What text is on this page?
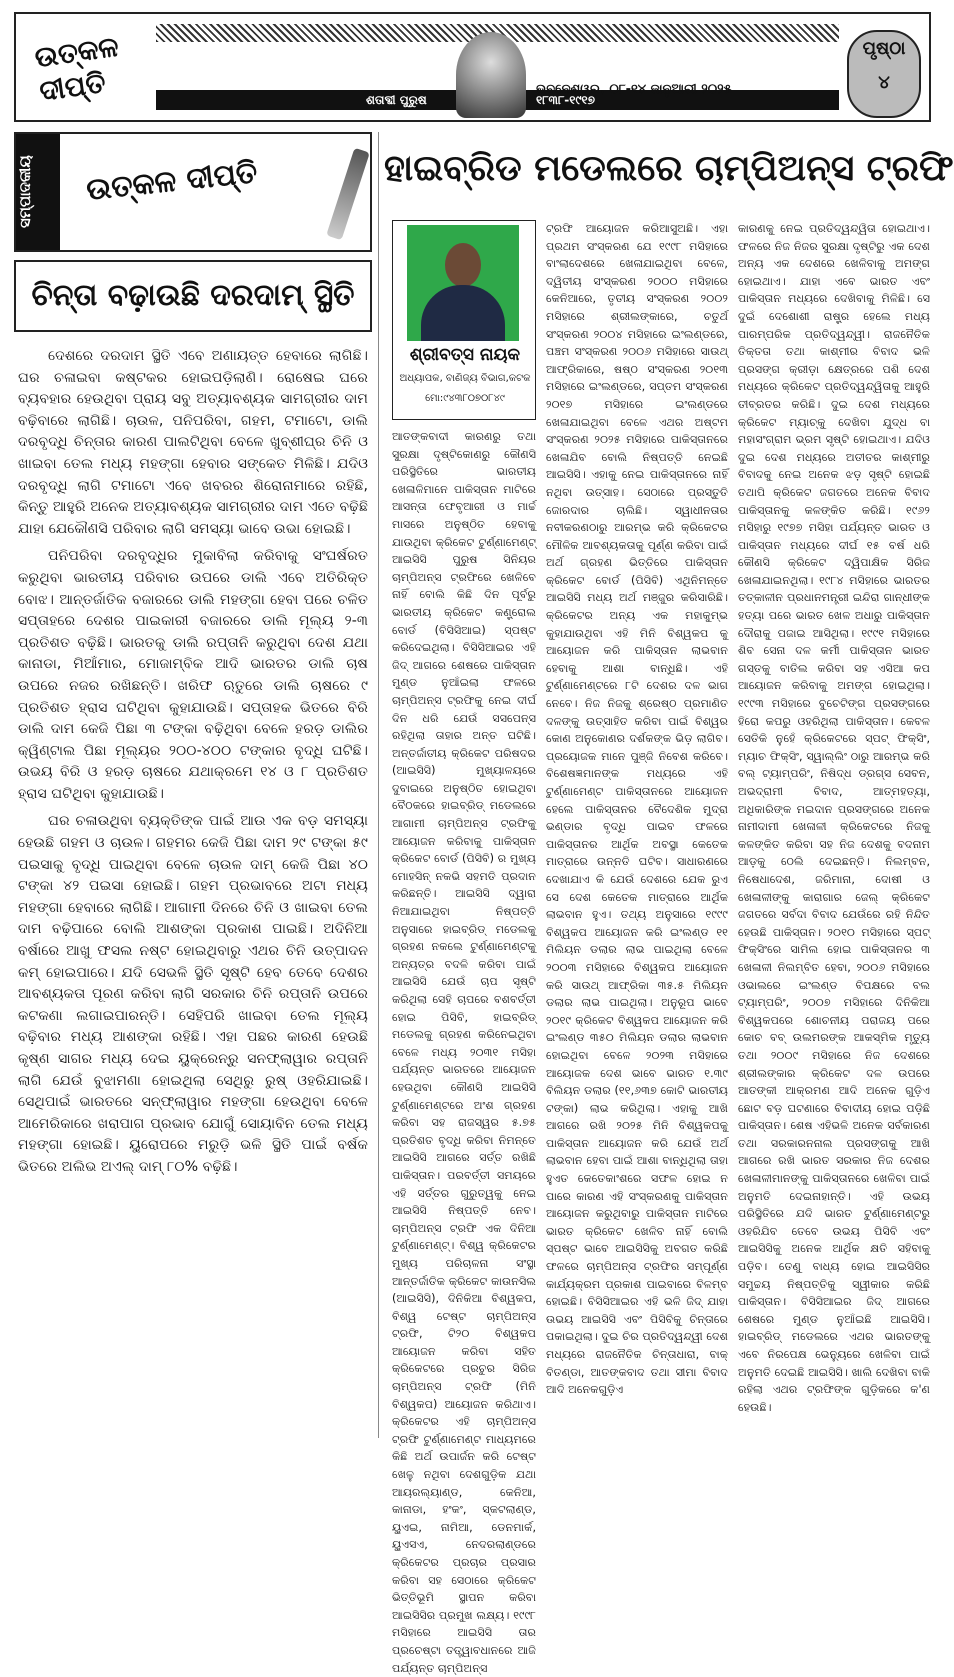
ଉତ୍କଳ ଦୀପ୍ତି	ଭୁବନେଶ୍ୱର, ୦୮-୧୪ ଜାନୁଆରୀ ୨୦୨୫
ଶତାବ୍ଦୀ ପୁରୁଷ	୧୮୩୮-୧୯୧୭
ପୃଷ୍ଠା
୪
ସମ୍ପାଦକୀୟ	ଉତ୍କଳ ଦୀପ୍ତି
ଚିନ୍ତା ବଢ଼ାଉଛି ଦରଦାମ୍ ସ୍ଥିତି

ଦେଶରେ ଦରଦାମ ସ୍ଥିତି ଏବେ ଅଣାୟତ୍ତ ହେବାରେ ଲାଗିଛି। ଘର ଚଳାଇବା କଷ୍ଟକର ହୋଇପଡ଼ିଲାଣି। ରୋଷେଇ ଘରେ ବ୍ୟବହାର ହେଉଥିବା ପ୍ରାୟ ସବୁ ଅତ୍ୟାବଶ୍ୟକ ସାମଗ୍ରୀର ଦାମ ବଢ଼ିବାରେ ଲାଗିଛି। ଚାଉଳ, ପନିପରିବା, ଗହମ, ଟମାଟୋ, ଡାଲି ଦରବୃଦ୍ଧି ଚିନ୍ତାର କାରଣ ପାଲଟିଥିବା ବେଳେ ଖୁବ୍‌ଶୀଘ୍ର ଚିନି ଓ ଖାଇବା ତେଲ ମଧ୍ୟ ମହଙ୍ଗା ହେବାର ସଙ୍କେତ ମିଳିଛି। ଯଦିଓ ଦରବୃଦ୍ଧି ଲାଗି ଟମାଟୋ ଏବେ ଖବରର ଶିରୋନାମାରେ ରହିଛି, କିନ୍ତୁ ଆହୁରି ଅନେକ ଅତ୍ୟାବଶ୍ୟକ ସାମଗ୍ରୀର ଦାମ ଏତେ ବଢ଼ିଛି ଯାହା ଯେକୌଣସି ପରିବାର ଲାଗି ସମସ୍ୟା ଭାବେ ଉଭା ହୋଇଛି।

ପନିପରିବା ଦରବୃଦ୍ଧିର ମୁକାବିଲା କରିବାକୁ ସଂଘର୍ଷରତ କରୁଥିବା ଭାରତୀୟ ପରିବାର ଉପରେ ଡାଲି ଏବେ ଅତିରିକ୍ତ ବୋଝ। ଆନ୍ତର୍ଜାତିକ ବଜାରରେ ଡାଲି ମହଙ୍ଗା ହେବା ପରେ ଚଳିତ ସପ୍ତାହରେ ଦେଶର ପାଇକାରୀ ବଜାରରେ ଡାଲି ମୂଲ୍ୟ ୨-୩ ପ୍ରତିଶତ ବଢ଼ିଛି। ଭାରତକୁ ଡାଲି ରପ୍ତାନି କରୁଥିବା ଦେଶ ଯଥା କାନାଡା, ମିଆଁମାର, ମୋଜାମ୍ବିକ ଆଦି ଭାରତର ଡାଲି ଚାଷ ଉପରେ ନଜର ରଖିଛନ୍ତି। ଖରିଫ ଋତୁରେ ଡାଲି ଚାଷରେ ୯ ପ୍ରତିଶତ ହ୍ରାସ ଘଟିଥିବା କୁହାଯାଉଛି। ସପ୍ତାହକ ଭିତରେ ବିରି ଡାଲି ଦାମ କେଜି ପିଛା ୩ ଟଙ୍କା ବଢ଼ିଥିବା ବେଳେ ହରଡ଼ ଡାଲିର କ୍ୱିଣ୍ଟାଲ ପିଛା ମୂଲ୍ୟର ୨୦୦-୪୦୦ ଟଙ୍କାର ବୃଦ୍ଧି ଘଟିଛି। ଉଭୟ ବିରି ଓ ହରଡ଼ ଚାଷରେ ଯଥାକ୍ରମେ ୧୪ ଓ ୮ ପ୍ରତିଶତ ହ୍ରାସ ଘଟିଥିବା କୁହାଯାଉଛି।

ଘର ଚଳାଉଥିବା ବ୍ୟକ୍ତିଙ୍କ ପାଇଁ ଆଉ ଏକ ବଡ଼ ସମସ୍ୟା ହେଉଛି ଗହମ ଓ ଚାଉଳ। ଗହମର କେଜି ପିଛା ଦାମ ୨୯ ଟଙ୍କା ୫୯ ପଇସାକୁ ବୃଦ୍ଧି ପାଇଥିବା ବେଳେ ଚାଉଳ ଦାମ୍ କେଜି ପିଛା ୪୦ ଟଙ୍କା ୪୨ ପଇସା ହୋଇଛି। ଗହମ ପ୍ରଭାବରେ ଅଟା ମଧ୍ୟ ମହଙ୍ଗା ହେବାରେ ଲାଗିଛି। ଆଗାମୀ ଦିନରେ ଚିନି ଓ ଖାଇବା ତେଲ ଦାମ ବଢ଼ିପାରେ ବୋଲି ଆଶଙ୍କା ପ୍ରକାଶ ପାଇଛି। ଅଦିନିଆ ବର୍ଷାରେ ଆଖୁ ଫସଲ ନଷ୍ଟ ହୋଇଥିବାରୁ ଏଥର ଚିନି ଉତ୍ପାଦନ କମ୍ ହୋଇପାରେ। ଯଦି ସେଭଳି ସ୍ଥିତି ସୃଷ୍ଟି ହେବ ତେବେ ଦେଶର ଆବଶ୍ୟକତା ପୂରଣ କରିବା ଲାଗି ସରକାର ଚିନି ରପ୍ତାନି ଉପରେ କଟକଣା ଲଗାଇପାରନ୍ତି। ସେହିପରି ଖାଇବା ତେଲ ମୂଲ୍ୟ ବଢ଼ିବାର ମଧ୍ୟ ଆଶଙ୍କା ରହିଛି। ଏହା ପଛର କାରଣ ହେଉଛି କୃଷ୍ଣ ସାଗର ମଧ୍ୟ ଦେଇ ୟୁକ୍ରେନ୍‌ରୁ ସନଫ୍ଲାୱାର ରପ୍ତାନି ଲାଗି ଯେଉଁ ବୁଝାମଣା ହୋଇଥିଲା ସେଥିରୁ ରୁଷ୍ ଓହରିଯାଇଛି। ସେଥିପାଇଁ ଭାରତରେ ସନ୍‌ଫ୍ଲାୱାର ମହଙ୍ଗା ହେଉଥିବା ବେଳେ ଆମେରିକାରେ ଖରାପାଗ ପ୍ରଭାବ ଯୋଗୁଁ ସୋୟାବିନ ତେଲ ମଧ୍ୟ ମହଙ୍ଗା ହୋଇଛି। ୟୁରୋପରେ ମରୁଡ଼ି ଭଳି ସ୍ଥିତି ପାଇଁ ବର୍ଷକ ଭିତରେ ଅଲିଭ ଅଏଲ୍ ଦାମ୍ ୮୦% ବଢ଼ିଛି।

ହାଇବ୍ରିଡ ମଡେଲରେ ଚାମ୍ପିଅନ୍ସ ଟ୍ରଫି
ଶ୍ରୀବତ୍ସ ନାୟକ
ଅଧ୍ୟାପକ, ବାଣିଜ୍ୟ ବିଭାଗ,କଟକ
ମୋ:୯୪୩୮୦୭୦୮୪୯

ଆତଙ୍କବାଦୀ କାରଣରୁ ତଥା ସୁରକ୍ଷା ଦୃଷ୍ଟିକୋଣରୁ କୌଣସି ପରିସ୍ଥିତିରେ ଭାରତୀୟ ଖେଳାଳିମାନେ ପାକିସ୍ତାନ ମାଟିରେ ଆସନ୍ତା ଫେବୃଆରୀ ଓ ମାର୍ଚ୍ଚ ମାସରେ ଅନୁଷ୍ଠିତ ହେବାକୁ ଯାଉଥିବା କ୍ରିକେଟ ଟୁର୍ଣ୍ଣାମେଣ୍ଟ୍ ଆଇସିସି ପୁରୁଷ ସିନିୟର ଚାମ୍ପିଅନ୍ସ ଟ୍ରଫିରେ ଖେଳିବେ ନାହିଁ ବୋଲି କିଛି ଦିନ ପୂର୍ବରୁ ଭାରତୀୟ କ୍ରିକେଟ କଣ୍ଟ୍ରୋଲ ବୋର୍ଡ (ବିସିସିଆଇ) ସ୍ପଷ୍ଟ କରିଦେଇଥିଲା। ବିସିସିଆଇର ଏହି ଜିଦ୍ ଆଗରେ ଶେଷରେ ପାକିସ୍ତାନ ମୁଣ୍ଡ ନୁଆଁଇଲା ଫଳରେ ଚାମ୍ପିଅନ୍ସ ଟ୍ରଫିକୁ ନେଇ ଦୀର୍ଘ ଦିନ ଧରି ଯେଉଁ ସସପେନ୍ସ ରହିଥିଲା ତାହାର ଅନ୍ତ ଘଟିଛି। ଅନ୍ତର୍ଜାତୀୟ କ୍ରିକେଟ ପରିଷଦର (ଆଇସିସି) ମୁଖ୍ୟାଳୟରେ ଦୁବାଇରେ ଅନୁଷ୍ଠିତ ହୋଇଥିବା ବୈଠକରେ ହାଇବ୍ରିଡ୍ ମଡେଲରେ ଆଗାମୀ ଚାମ୍ପିଅନ୍ସ ଟ୍ରଫିକୁ ଆୟୋଜନ କରିବାକୁ ପାକିସ୍ତାନ କ୍ରିକେଟ ବୋର୍ଡ (ପିସିବି) ର ମୁଖ୍ୟ ମୋହସିନ୍ ନକଭି ସହମତି ପ୍ରଦାନ କରିଛନ୍ତି। ଆଇସିସି ଦ୍ୱାରା ନିଆଯାଇଥିବା ନିଷ୍ପତ୍ତି ଅନୁସାରେ ହାଇବ୍ରିଡ୍ ମଡେଲକୁ ଗ୍ରହଣ ନକଲେ ଟୁର୍ଣ୍ଣାମେଣ୍ଟକୁ ଅନ୍ୟତ୍ର ବଦଳି କରିବା ପାଇଁ ଆଇସିସି ଯେଉଁ ଚାପ ସୃଷ୍ଟି କରିଥିଲା ସେହି ଚାପରେ ବଶବର୍ତ୍ତୀ ହୋଇ ପିସିବି, ହାଇବ୍ରିଡ୍ ମଡେଲକୁ ଗ୍ରହଣ କରିନେଇଥିବା ବେଳେ ମଧ୍ୟ ୨୦୩୧ ମସିହା ପର୍ଯ୍ୟନ୍ତ ଭାରତରେ ଆୟୋଜନ ହେଉଥିବା କୌଣସି ଆଇସିସି ଟୁର୍ଣ୍ଣାମେଣ୍ଟରେ ଅଂଶ ଗ୍ରହଣ କରିବା ସହ ରାଜସ୍ୱର ୫.୭୫ ପ୍ରତିଶତ ବୃଦ୍ଧି କରିବା ନିମନ୍ତେ ଆଇସିସି ଆଗରେ ସର୍ତ୍ତ ରଖିଛି ପାକିସ୍ତାନ। ପରବର୍ତ୍ତୀ ସମୟରେ ଏହି ସର୍ତ୍ତର ଗୁରୁତ୍ୱକୁ ନେଇ ଆଇସିସି ନିଷ୍ପତ୍ତି ନେବ। ଚାମ୍ପିଅନ୍ସ ଟ୍ରଫି ଏକ ଦିନିଆ ଟୁର୍ଣ୍ଣାମେଣ୍ଟ୍। ବିଶ୍ୱ କ୍ରିକେଟର ମୁଖ୍ୟ ପରିଚାଳନା ସଂସ୍ଥା ଆନ୍ତର୍ଜାତିକ କ୍ରିକେଟ କାଉନସିଲ (ଆଇସିସି), ଦିନିକିଆ ବିଶ୍ୱକପ, ବିଶ୍ୱ ଟେଷ୍ଟ ଚାମ୍ପିଅନ୍ସ ଟ୍ରଫି, ଟି୨୦ ବିଶ୍ୱକପ ଆୟୋଜନ କରିବା ସହିତ କ୍ରିକେଟରେ ପ୍ରଚୁର ସିରିଜ ଚାମ୍ପିଅନ୍ସ ଟ୍ରଫି (ମିନି ବିଶ୍ୱକପ) ଆୟୋଜନ କରିଥାଏ। କ୍ରିକେଟର ଏହି ଚାମ୍ପିଅନ୍ସ ଟ୍ରଫି ଟୁର୍ଣ୍ଣାମେଣ୍ଟ ମାଧ୍ୟମରେ କିଛି ଅର୍ଥ ଉପାର୍ଜନ କରି ଟେଷ୍ଟ ଖେଳୁ ନଥିବା ଦେଶଗୁଡ଼ିକ ଯଥା ଆୟରଲ୍ୟାଣ୍ଡ, କେନିଆ, କାନାଡା, ହଂକଂ, ସ୍କଟଲାଣ୍ଡ, ୟୁଏଇ, ନାମିଆ, ଡେନମାର୍କ, ୟୁଏସଏ, ନେଦରଲାଣ୍ଡରେ କ୍ରିକେଟର ପ୍ରଚାର ପ୍ରସାର କରିବା ସହ ସେଠାରେ କ୍ରିକେଟ ଭିତ୍ତିଭୂମି ସ୍ଥାପନ କରିବା ଆଇସିସିର ପ୍ରମୁଖ ଲକ୍ଷ୍ୟ। ୧୯୯୮ ମସିହାରେ ଆଇସିସି ତାର ପ୍ରଚେଷ୍ଟା ତତ୍ତ୍ୱାବଧାନରେ ଆଜି ପର୍ଯ୍ୟନ୍ତ ଚାମ୍ପିଅନ୍ସ

ଟ୍ରଫି ଆୟୋଜନ କରିଆସୁଅଛି। ଏହା ପ୍ରଥମ ସଂସ୍କରଣ ଯେ ୧୯୯୮ ମସିହାରେ ବାଂଲାଦେଶରେ ଖେଳାଯାଇଥିବା ବେଳେ, ଦ୍ୱିତୀୟ ସଂସ୍କରଣ ୨୦୦୦ ମସିହାରେ କେନିଆରେ, ତୃତୀୟ ସଂସ୍କରଣ ୨୦୦୨ ମସିହାରେ ଶ୍ରୀଲଙ୍କାରେ, ଚତୁର୍ଥ ସଂସ୍କରଣ ୨୦୦୪ ମସିହାରେ ଇଂଲଣ୍ଡରେ, ପଞ୍ଚମ ସଂସ୍କରଣ ୨୦୦୬ ମସିହାରେ ସାଉଥ୍ ଆଫ୍ରିକାରେ, ଷଷ୍ଠ ସଂସ୍କରଣ ୨୦୧୩ ମସିହାରେ ଇଂଲଣ୍ଡରେ, ସପ୍ତମ ସଂସ୍କରଣ ୨୦୧୭ ମସିହାରେ ଇଂଲଣ୍ଡରେ ଖେଳାଯାଇଥିବା ବେଳେ ଏଥର ଅଷ୍ଟମ ସଂସ୍କରଣ ୨୦୨୫ ମସିହାରେ ପାକିସ୍ତାନରେ ଖେଳାଯିବ ବୋଲି ନିଷ୍ପତ୍ତି ନେଇଛି ଆଇସିସି। ଏହାକୁ ନେଇ ପାକିସ୍ତାନରେ ନାହିଁ ନଥିବା ଉତ୍ସାହ। ସେଠାରେ ପ୍ରସ୍ତୁତି ଜୋରଦାର ଚାଲିଛି। ସ୍ୱାଧୀନତାର ନବୀକରଣଠାରୁ ଆରମ୍ଭ କରି କ୍ରିକେଟର ମୌଳିକ ଆବଶ୍ୟକତାକୁ ପୂର୍ଣ୍ଣ କରିବା ପାଇଁ ଅର୍ଥ ଗ୍ରହଣ ଭିତ୍ତିରେ ପାକିସ୍ତାନ କ୍ରିକେଟ ବୋର୍ଡ (ପିସିବି) ଏଥିନିମନ୍ତେ ଆଇସିସି ମଧ୍ୟ ଅର୍ଥ ମଞ୍ଜୁର କରିସାରିଛି। କ୍ରିକେଟର ଅନ୍ୟ ଏକ ମହାକୁମ୍ଭ କୁହାଯାଉଥିବା ଏହି ମିନି ବିଶ୍ୱକପ କୁ ଆୟୋଜନ କରି ପାକିସ୍ତାନ ଲାଭବାନ ହେବାକୁ ଆଶା ବାନ୍ଧିଛି। ଏହି ଟୁର୍ଣ୍ଣାମେଣ୍ଟରେ ୮ଟି ଦେଶର ଦଳ ଭାଗ ନେବେ। ନିଜ ନିଜକୁ ଶ୍ରେଷ୍ଠ ପ୍ରମାଣିତ ଦଳଙ୍କୁ ଉତ୍ସାହିତ କରିବା ପାଇଁ ବିଶ୍ୱର କୋଣ ଅନୁକୋଣର ଦର୍ଶକଙ୍କ ଭିଡ଼ ଲାଗିବ। ପ୍ରୟୋଜକ ମାନେ ପୁଞ୍ଜି ନିବେଶ କରିବେ। ବିଶେଷଜ୍ଞମାନଙ୍କ ମଧ୍ୟରେ ଏହି ଟୁର୍ଣ୍ଣାମେଣ୍ଟ ପାକିସ୍ତାନରେ ଆୟୋଜନ ହେଲେ ପାକିସ୍ତାନର ବୈଦେଶିକ ମୁଦ୍ରା ଭଣ୍ଡାର ବୃଦ୍ଧି ପାଇବ ଫଳରେ ପାକିସ୍ତାନର ଆର୍ଥିକ ଅବସ୍ଥା କେତେକ ମାତ୍ରାରେ ଉନ୍ନତି ଘଟିବ। ସାଧାରଣରେ ଦେଖାଯାଏ କି ଯେଉଁ ଦେଶରେ ଯେକ ରୁଏ ସେ ଦେଶ କେତେକ ମାତ୍ରାରେ ଆର୍ଥିକ ଲାଭବାନ ହୁଏ। ତଥ୍ୟ ଅନୁସାରେ ୧୯୯୯ ବିଶ୍ୱକପ ଆୟୋଜନ କରି ଇଂଲଣ୍ଡ ୧୧ ମିଲିୟନ ଡଲାର ଲାଭ ପାଇଥିଲା ବେଳେ ୨୦୦୩ ମସିହାରେ ବିଶ୍ୱକପ ଆୟୋଜନ କରି ସାଉଥ୍ ଆଫ୍ରିକା ୩୫.୫ ମିଲିୟନ ଡଲାର ଲାଭ ପାଇଥିଲା। ଅନୁରୂପ ଭାବେ ୨୦୧୯ କ୍ରିକେଟ ବିଶ୍ୱକପ ଆୟୋଜନ କରି ଇଂଲଣ୍ଡ ୩୫୦ ମିଲିୟନ ଡଲାର ଲାଭବାନ ହୋଇଥିବା ବେଳେ ୨୦୨୩ ମସିହାରେ ଆୟୋଜକ ଦେଶ ଭାବେ ଭାରତ ୧.୩୯ ବିଲିୟନ ଡଲାର (୧୧,୬୩୭ କୋଟି ଭାରତୀୟ ଟଙ୍କା) ଲାଭ କରିଥିଲା। ଏହାକୁ ଆଖି ଆଗରେ ରଖି ୨୦୨୫ ମିନି ବିଶ୍ୱକପକୁ ପାକିସ୍ତାନ ଆୟୋଜନ କରି ଯେଉଁ ଅର୍ଥ ଲାଭବାନ ହେବା ପାଇଁ ଆଶା ବାନ୍ଧିଥିଲା ତାହା ହୁଏତ କେତେକାଂଶରେ ସଫଳ ହୋଇ ନ ପାରେ କାରଣ ଏହି ସଂସ୍କରଣକୁ ପାକିସ୍ତାନ ଆୟୋଜନ କରୁଥିବାରୁ ପାକିସ୍ତାନ ମାଟିରେ ଭାରତ କ୍ରିକେଟ ଖେଳିବ ନାହିଁ ବୋଲି ସ୍ପଷ୍ଟ ଭାବେ ଆଇସିସିକୁ ଅବଗତ କରିଛି ଫଳରେ ଚାମ୍ପିଅନ୍ସ ଟ୍ରଫିର ସମ୍ପୂର୍ଣ୍ଣ କାର୍ଯ୍ୟକ୍ରମ ପ୍ରକାଶ ପାଇବାରେ ବିଳମ୍ବ ହୋଇଛି। ବିସିସିଆଇର ଏହି ଭଳି ଜିଦ୍ ଯାହା ଉଭୟ ଆଇସିସି ଏବଂ ପିସିବିକୁ ଚିନ୍ତାରେ ପକାଇଥିଲା। ଦୁଇ ଚିର ପ୍ରତିଦ୍ୱନ୍ଦ୍ୱୀ ଦେଶ ମଧ୍ୟରେ ରାଜନୈତିକ ଚିନ୍ତାଧାରା, ବାକ୍ ବିତଣ୍ଡା, ଆତଙ୍କବାଦ ତଥା ସୀମା ବିବାଦ ଆଦି ଅନେକଗୁଡ଼ିଏ

କାରଣକୁ ନେଇ ପ୍ରତିଦ୍ୱନ୍ଦ୍ୱିତା ହୋଇଥାଏ। ଫଳରେ ନିଜ ନିଜର ସୁରକ୍ଷା ଦୃଷ୍ଟିରୁ ଏକ ଦେଶ ଅନ୍ୟ ଏକ ଦେଶରେ ଖେଳିବାକୁ ଅମଙ୍ଗ ହୋଇଥାଏ। ଯାହା ଏବେ ଭାରତ ଏବଂ ପାକିସ୍ତାନ ମଧ୍ୟରେ ଦେଖିବାକୁ ମିଳିଛି। ସେ ଦୁଇଁ ଦେଶୋଶୀ ରାଷ୍ଟ୍ର ହେଲେ ମଧ୍ୟ ପାରମ୍ପରିକ ପ୍ରତିଦ୍ୱନ୍ଦ୍ୱୀ। ରାଜନୈତିକ ତିକ୍ତତା ତଥା କାଶ୍ମୀର ବିବାଦ ଭଳି ପ୍ରସଙ୍ଗ କ୍ରୀଡ଼ା କ୍ଷେତ୍ରରେ ପଶି ଦେଶ ମଧ୍ୟରେ କ୍ରିକେଟ ପ୍ରତିଦ୍ୱନ୍ଦ୍ୱିତାକୁ ଆହୁରି ତୀବ୍ରତର କରିଛି। ଦୁଇ ଦେଶ ମଧ୍ୟରେ କ୍ରିକେଟ ମ୍ୟାଚ୍‌କୁ ଦେଖିବା ଯୁଦ୍ଧ ବା ମହାସଂଗ୍ରାମ ଭ୍ରମ ସୃଷ୍ଟି ହୋଇଥାଏ। ଯଦିଓ ଦୁଇ ଦେଶ ମଧ୍ୟରେ ଅତୀତର କାଶ୍ମୀରୁ ବିବାଦକୁ ନେଇ ଅନେକ ଝଡ଼ ସୃଷ୍ଟି ହୋଇଛି ତଥାପି କ୍ରିକେଟ ଜଗତରେ ଅନେକ ବିବାଦ ପାକିସ୍ତାନକୁ କଳଙ୍କିତ କରିଛି। ୧୯୬୨ ମସିହାରୁ ୧୯୭୭ ମସିହା ପର୍ଯ୍ୟନ୍ତ ଭାରତ ଓ ପାକିସ୍ତାନ ମଧ୍ୟରେ ଦୀର୍ଘ ୧୫ ବର୍ଷ ଧରି କୌଣସି କ୍ରିକେଟ ଦ୍ୱିପାକ୍ଷିକ ସିରିଜ ଖେଳାଯାଇନଥିଲା। ୧୯୮୪ ମସିହାରେ ଭାରତର ତତ୍କାଳୀନ ପ୍ରଧାନମନ୍ତ୍ରୀ ଇନ୍ଦିରା ଗାନ୍ଧୀଙ୍କ ହତ୍ୟା ପରେ ଭାରତ ଖେଳ ଅଧାରୁ ପାକିସ୍ତାନ ଦୌରାକୁ ପଜାଇ ଆସିଥିଲା। ୧୯୯୧ ମସିହାରେ ଶିବ ସେନା ଦଳ କର୍ମୀ ପାକିସ୍ତାନ ଭାରତ ଗସ୍ତକୁ ବାତିଲ କରିବା ସହ ଏସିଆ କପ ଆୟୋଜନ କରିବାକୁ ଅମଙ୍ଗ ହୋଇଥିଲା। ୧୯୯୩ ମସିହାରେ ବୁଚେଟିଙ୍ଗ ପ୍ରସଙ୍ଗରେ ହିରୋ କପରୁ ଓହରିଥିଲା ପାକିସ୍ତାନ। କେବଳ ସେତିକି ନୁହେଁ କ୍ରିକେଟରେ ସ୍ପଟ୍ ଫିକ୍ସିଂ, ମ୍ୟାଚ ଫିକ୍ସିଂ, ସ୍ୱାଲ୍ଲିଂ ଠାରୁ ଆରମ୍ଭ କରି ବଲ୍ ଟ୍ୟାମ୍ପରିଂ, ନିଷିଦ୍ଧ ଡ୍ରଗ୍ସ ସେବନ, ଅଭଦ୍ରାମୀ ବିବାଦ, ଆତ୍ମହତ୍ୟା, ଅଧିକାରିଙ୍କ ମଇଦାନ ପ୍ରସଙ୍ଗରେ ଅନେକ ନାମୀଦାମୀ ଖେଳାଳୀ କ୍ରିକେଟରେ ନିଜକୁ କଳଙ୍କିତ କରିବା ସହ ନିଜ ଦେଶକୁ ବଦନାମ ଆଡ଼କୁ ଠେଲି ଦେଇଛନ୍ତି। ନିଲମ୍ବନ, ନିଷେଧାଦେଶ, ଜରିମାନା, ଦୋଷୀ ଓ ଖେଳାଳୀଙ୍କୁ କାରାଗାର ଜେଲ୍ କ୍ରିକେଟ ଜଗତରେ ସର୍ବଦା ବିବାଦ ଯେଉଁରେ ରହି ନିନ୍ଦିତ ହେଉଛି ପାକିସ୍ତାନ। ୨୦୧୦ ମସିହାରେ ସ୍ପଟ୍ ଫିକ୍ସିଂରେ ସାମିଲ ହୋଇ ପାକିସ୍ତାନର ୩ ଖେଳାଳୀ ନିଲମ୍ବିତ ହେବା, ୨୦୦୬ ମସିହାରେ ଓଭାଲରେ ଇଂଲଣ୍ଡ ବିପକ୍ଷରେ ବଲ ଟ୍ୟାମ୍ପରିଂ, ୨୦୦୭ ମସିହାରେ ଦିନିକିଆ ବିଶ୍ୱକପରେ ଶୋଚନୀୟ ପରାଜୟ ପରେ କୋଚ ବବ୍ ଉଲମରଙ୍କ ଆକସ୍ମିକ ମୃତ୍ୟୁ ତଥା ୨୦୦୯ ମସିହାରେ ନିଜ ଦେଶରେ ଶ୍ରୀଲଙ୍କାର କ୍ରିକେଟ ଦଳ ଉପରେ ଆତଙ୍କୀ ଆକ୍ରମଣ ଆଦି ଅନେକ ଗୁଡ଼ିଏ ଛୋଟ ବଡ଼ ଘଟଣାରେ ବିବାଦୀୟ ହୋଇ ପଡ଼ିଛି ପାକିସ୍ତାନ। ଶେଷ ଏହିଭଳି ଅନେକ ସର୍ବକାରଣ ତଥା ସରକାରନନାଲ ପ୍ରସଙ୍ଗକୁ ଆଖି ଆଗରେ ରଖି ଭାରତ ସରକାର ନିଜ ଦେଶର ଖେଳାଳୀମାନଙ୍କୁ ପାକିସ୍ତାନରେ ଖେଳିବା ପାଇଁ ଅନୁମତି ଦେଇନାହାନ୍ତି। ଏହି ଉଭୟ ପରିସ୍ଥିତିରେ ଯଦି ଭାରତ ଟୁର୍ଣ୍ଣାମେଣ୍ଟରୁ ଓହରିଯିବ ତେବେ ଉଭୟ ପିସିବି ଏବଂ ଆଇସିସିକୁ ଅନେକ ଆର୍ଥିକ କ୍ଷତି ସହିବାକୁ ପଡ଼ିବ। ତେଣୁ ବାଧ୍ୟ ହୋଇ ଆଇସିସିର ସମୁଚ୍ଚୟ ନିଷ୍ପତ୍ତିକୁ ସ୍ୱୀକାର କରିଛି ପାକିସ୍ତାନ। ବିସିସିଆଇର ଜିଦ୍ ଆଗରେ ଶେଷରେ ମୁଣ୍ଡ ନୁଆଁଇଛି ଆଇସିସି। ହାଇବ୍ରିଡ୍ ମଡେଲରେ ଏଥର ଭାରତଙ୍କୁ ଏବେ ନିରପେକ୍ଷ ଭେନ୍ୟୁରେ ଖେଳିବା ପାଇଁ ଅନୁମତି ଦେଇଛି ଆଇସିସି। ଖାଲି ଦେଖିବା ବାକି ରହିଲା ଏଥର ଟ୍ରଫିଙ୍କ ଗୁଡ଼ିକରେ କ'ଣ ହେଉଛି।
